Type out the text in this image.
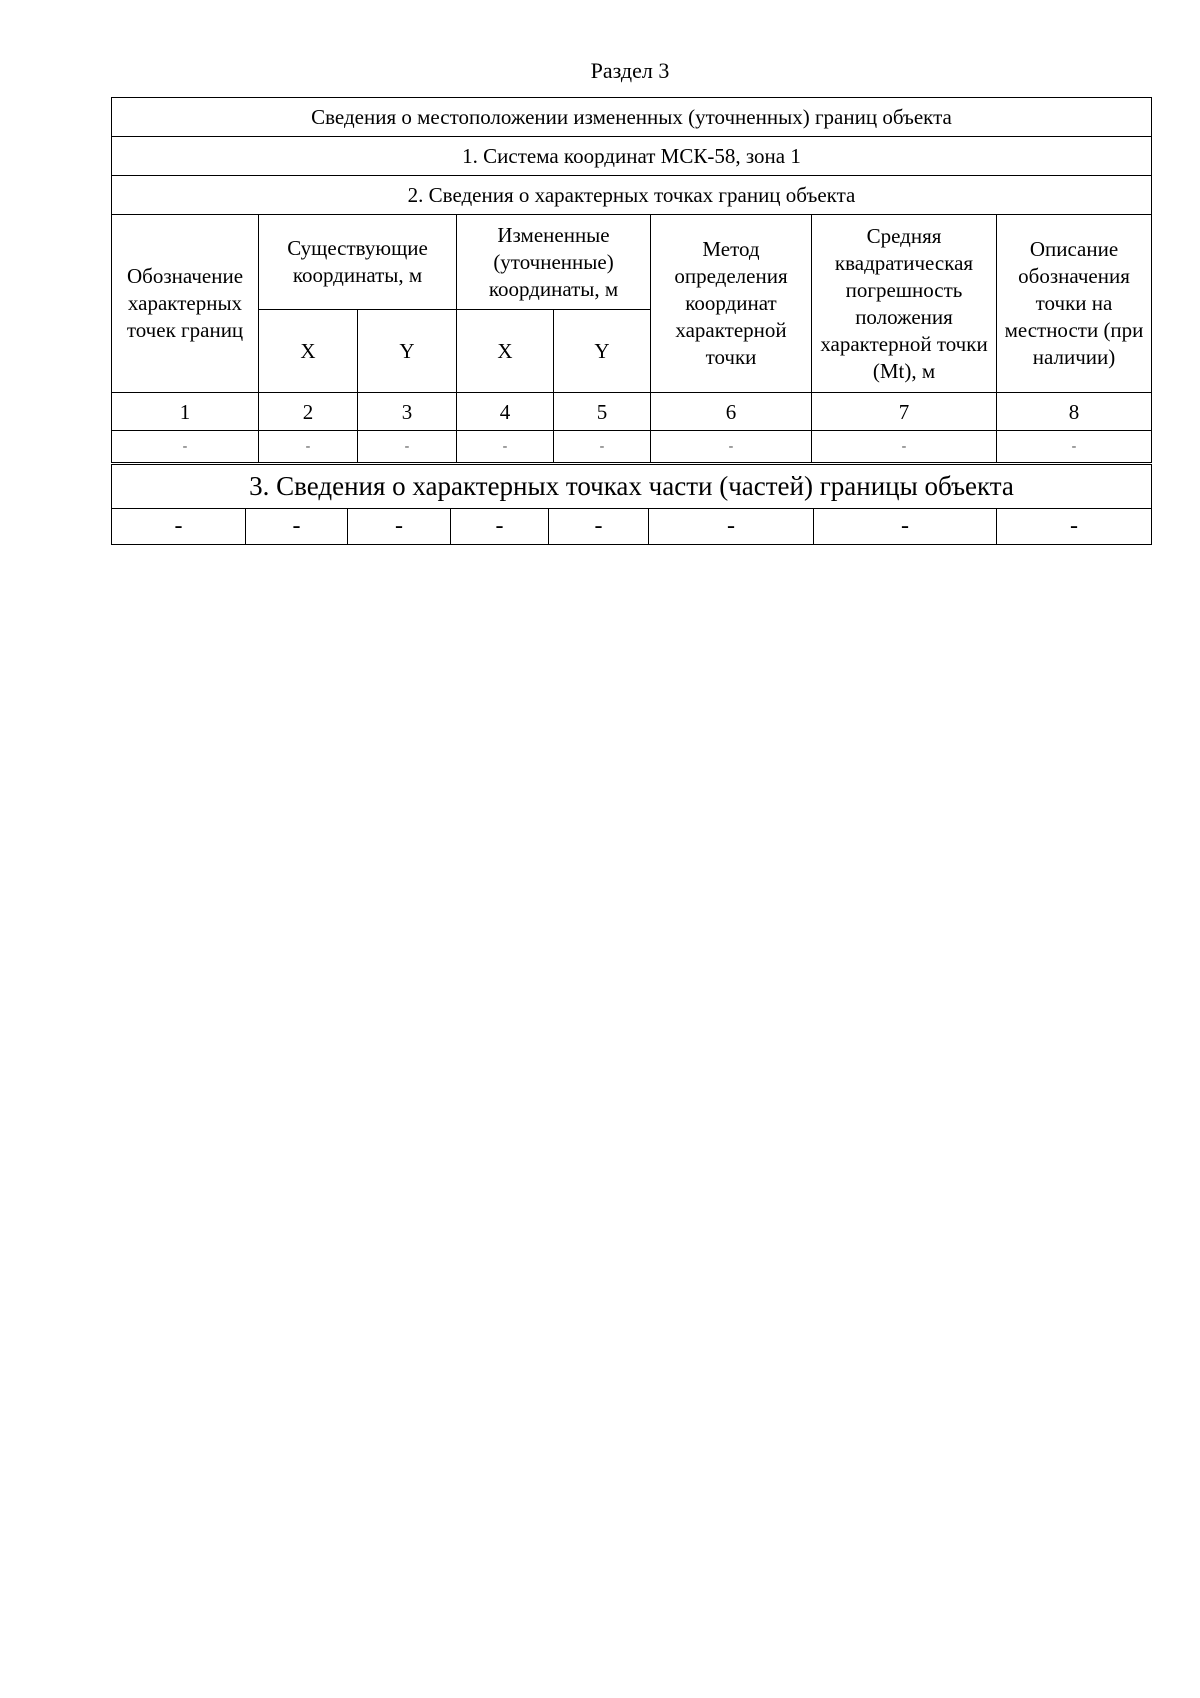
Раздел 3
Сведения о местоположении измененных (уточненных) границ объекта							
1. Система координат МСК-58, зона 1							
2. Сведения о характерных точках границ объекта							
Обозначение характерных точек границ	Существующие координаты, м		Измененные (уточненные) координаты, м		Метод определения координат характерной точки	Средняя квадратическая погрешность положения характерной точки (Mt), м	Описание обозначения точки на местности (при наличии)
	X	Y	X	Y			
1	2	3	4	5	6	7	8
-	-	-	-	-	-	-	-
3. Сведения о характерных точках части (частей) границы объекта
-	-	-	-	-	-	-	-
